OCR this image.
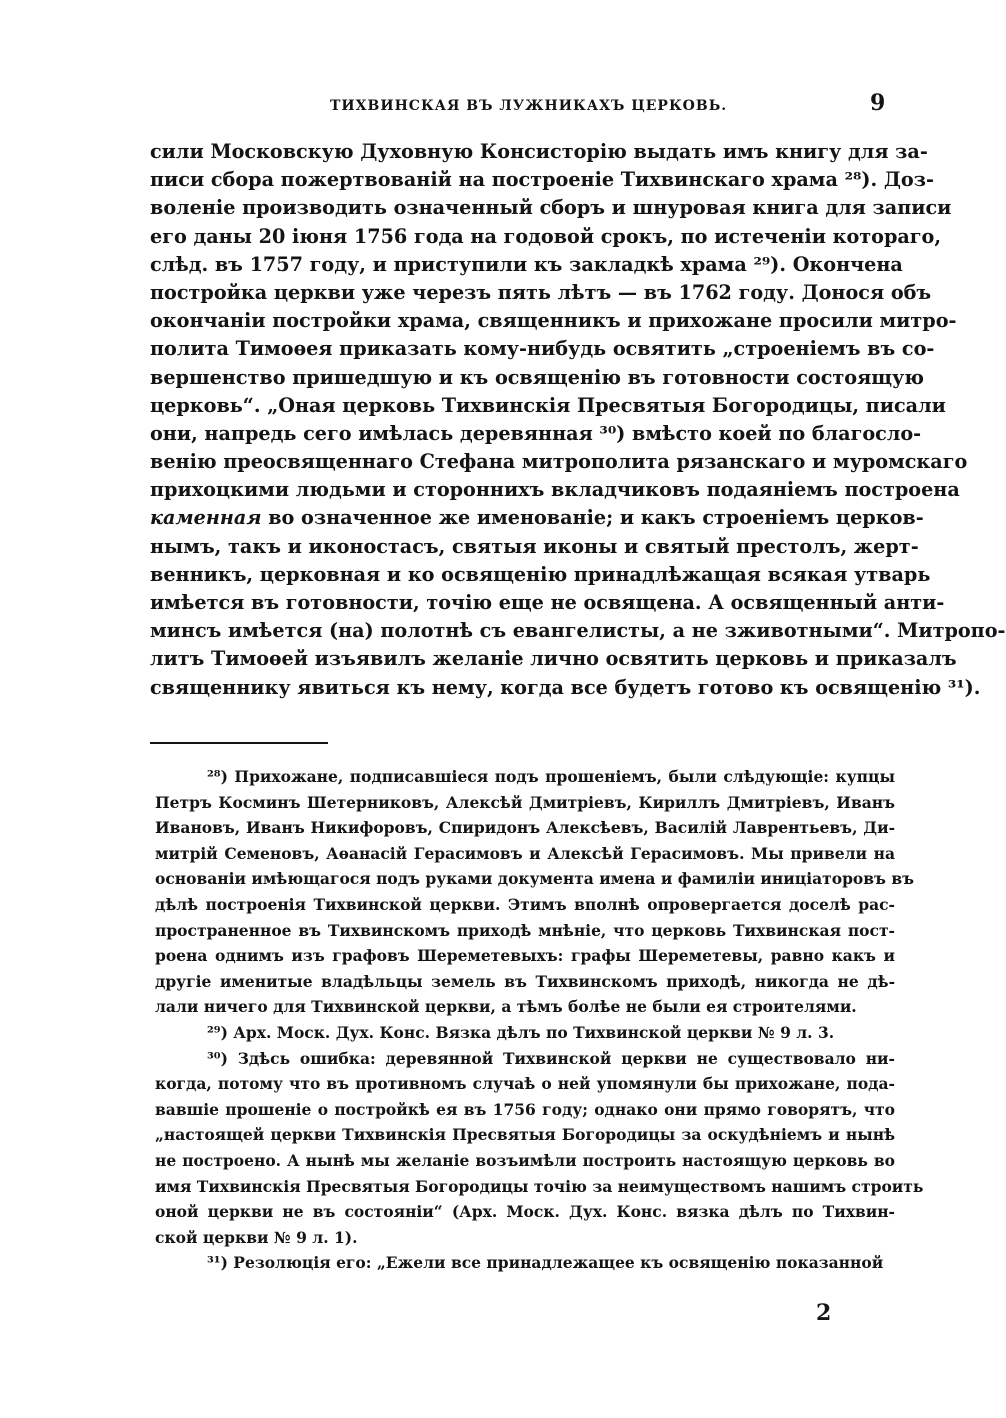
ТИХВИНСКАЯ ВЪ ЛУЖНИКАХЪ ЦЕРКОВЬ.	9
сили Московскую Духовную Консисторію выдать имъ книгу для за-
писи сбора пожертвованій на построеніе Тихвинскаго храма ²⁸). Доз-
воленіе производить означенный сборъ и шнуровая книга для записи
его даны 20 іюня 1756 года на годовой срокъ, по истеченіи котораго,
слѣд. въ 1757 году, и приступили къ закладкѣ храма ²⁹). Окончена
постройка церкви уже черезъ пять лѣтъ — въ 1762 году. Донося объ
окончаніи постройки храма, священникъ и прихожане просили митро-
полита Тимоѳея приказать кому-нибудь освятить „строеніемъ въ со-
вершенство пришедшую и къ освященію въ готовности состоящую
церковь“. „Оная церковь Тихвинскія Пресвятыя Богородицы, писали
они, напредь сего имѣлась деревянная ³⁰) вмѣсто коей по благосло-
венію преосвященнаго Стефана митрополита рязанскаго и муромскаго
прихоцкими людьми и стороннихъ вкладчиковъ подаяніемъ построена
каменная во означенное же именованіе; и какъ строеніемъ церков-
нымъ, такъ и иконостасъ, святыя иконы и святый престолъ, жерт-
венникъ, церковная и ко освященію принадлѣжащая всякая утварь
имѣется въ готовности, точію еще не освящена. А освященный анти-
минсъ имѣется (на) полотнѣ съ евангелисты, а не зживотными“. Митропо-
литъ Тимоѳей изъявилъ желаніе лично освятить церковь и приказалъ
священнику явиться къ нему, когда все будетъ готово къ освященію ³¹).
²⁸) Прихожане, подписавшіеся подъ прошеніемъ, были слѣдующіе: купцы
Петръ Косминъ Шетерниковъ, Алексѣй Дмитріевъ, Кириллъ Дмитріевъ, Иванъ
Ивановъ, Иванъ Никифоровъ, Спиридонъ Алексѣевъ, Василій Лаврентьевъ, Ди-
митрій Семеновъ, Аѳанасій Герасимовъ и Алексѣй Герасимовъ. Мы привели на
основаніи имѣющагося подъ руками документа имена и фамиліи иниціаторовъ въ
дѣлѣ построенія Тихвинской церкви. Этимъ вполнѣ опровергается доселѣ рас-
пространенное въ Тихвинскомъ приходѣ мнѣніе, что церковь Тихвинская пост-
роена однимъ изъ графовъ Шереметевыхъ: графы Шереметевы, равно какъ и
другіе именитые владѣльцы земель въ Тихвинскомъ приходѣ, никогда не дѣ-
лали ничего для Тихвинской церкви, а тѣмъ болѣе не были ея строителями.
²⁹) Арх. Моск. Дух. Конс. Вязка дѣлъ по Тихвинской церкви № 9 л. 3.
³⁰) Здѣсь ошибка: деревянной Тихвинской церкви не существовало ни-
когда, потому что въ противномъ случаѣ о ней упомянули бы прихожане, пода-
вавшіе прошеніе о постройкѣ ея въ 1756 году; однако они прямо говорятъ, что
„настоящей церкви Тихвинскія Пресвятыя Богородицы за оскудѣніемъ и нынѣ
не построено. А нынѣ мы желаніе возъимѣли построить настоящую церковь во
имя Тихвинскія Пресвятыя Богородицы точію за неимуществомъ нашимъ строить
оной церкви не въ состояніи“ (Арх. Моск. Дух. Конс. вязка дѣлъ по Тихвин-
ской церкви № 9 л. 1).
³¹) Резолюція его: „Ежели все принадлежащее къ освященію показанной
2
